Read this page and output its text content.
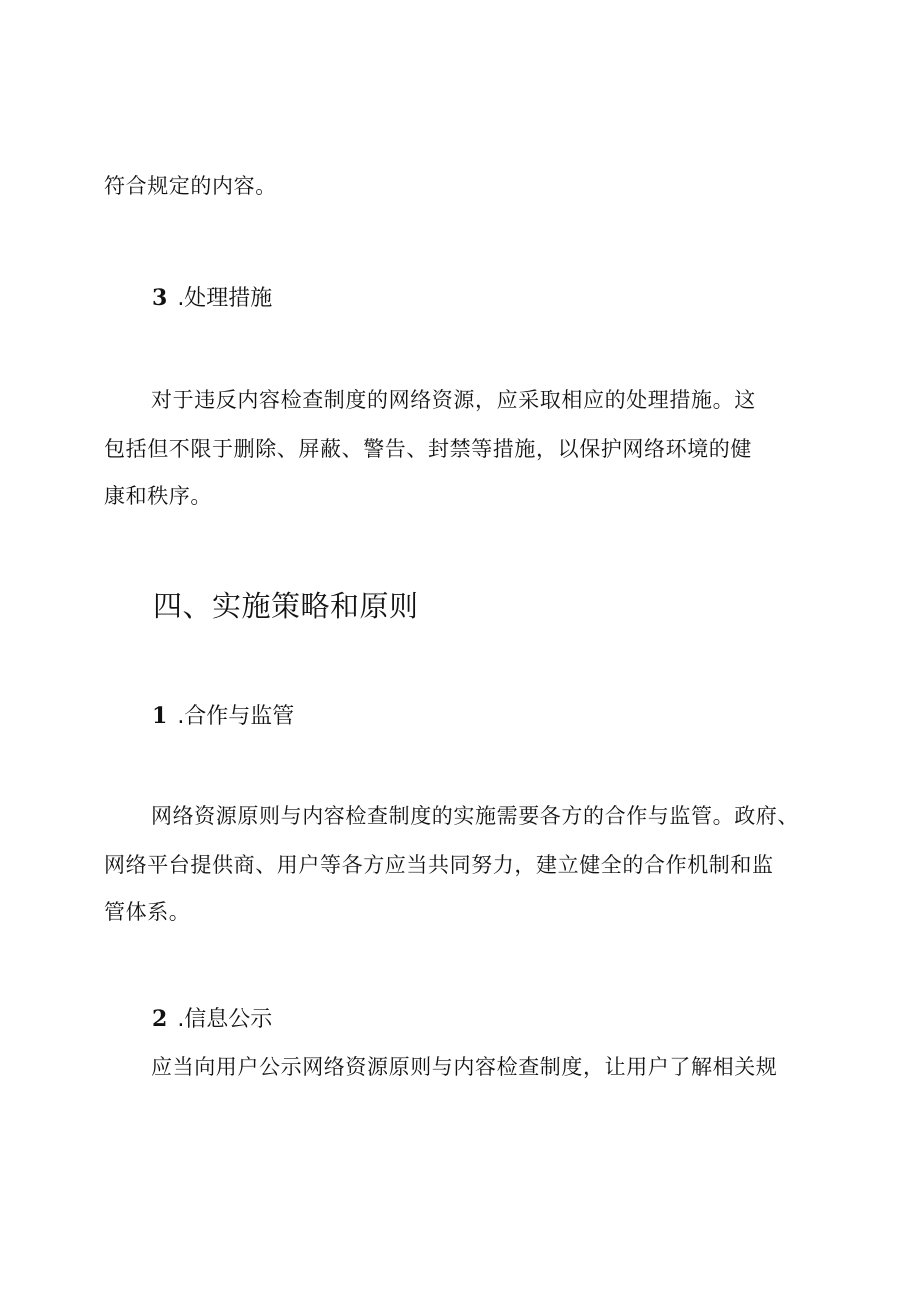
符合规定的内容。
3 .处理措施
对于违反内容检查制度的网络资源，应采取相应的处理措施。这
包括但不限于删除、屏蔽、警告、封禁等措施，以保护网络环境的健
康和秩序。
四、实施策略和原则
1 .合作与监管
网络资源原则与内容检查制度的实施需要各方的合作与监管。政府、
网络平台提供商、用户等各方应当共同努力，建立健全的合作机制和监
管体系。
2 .信息公示
应当向用户公示网络资源原则与内容检查制度，让用户了解相关规
